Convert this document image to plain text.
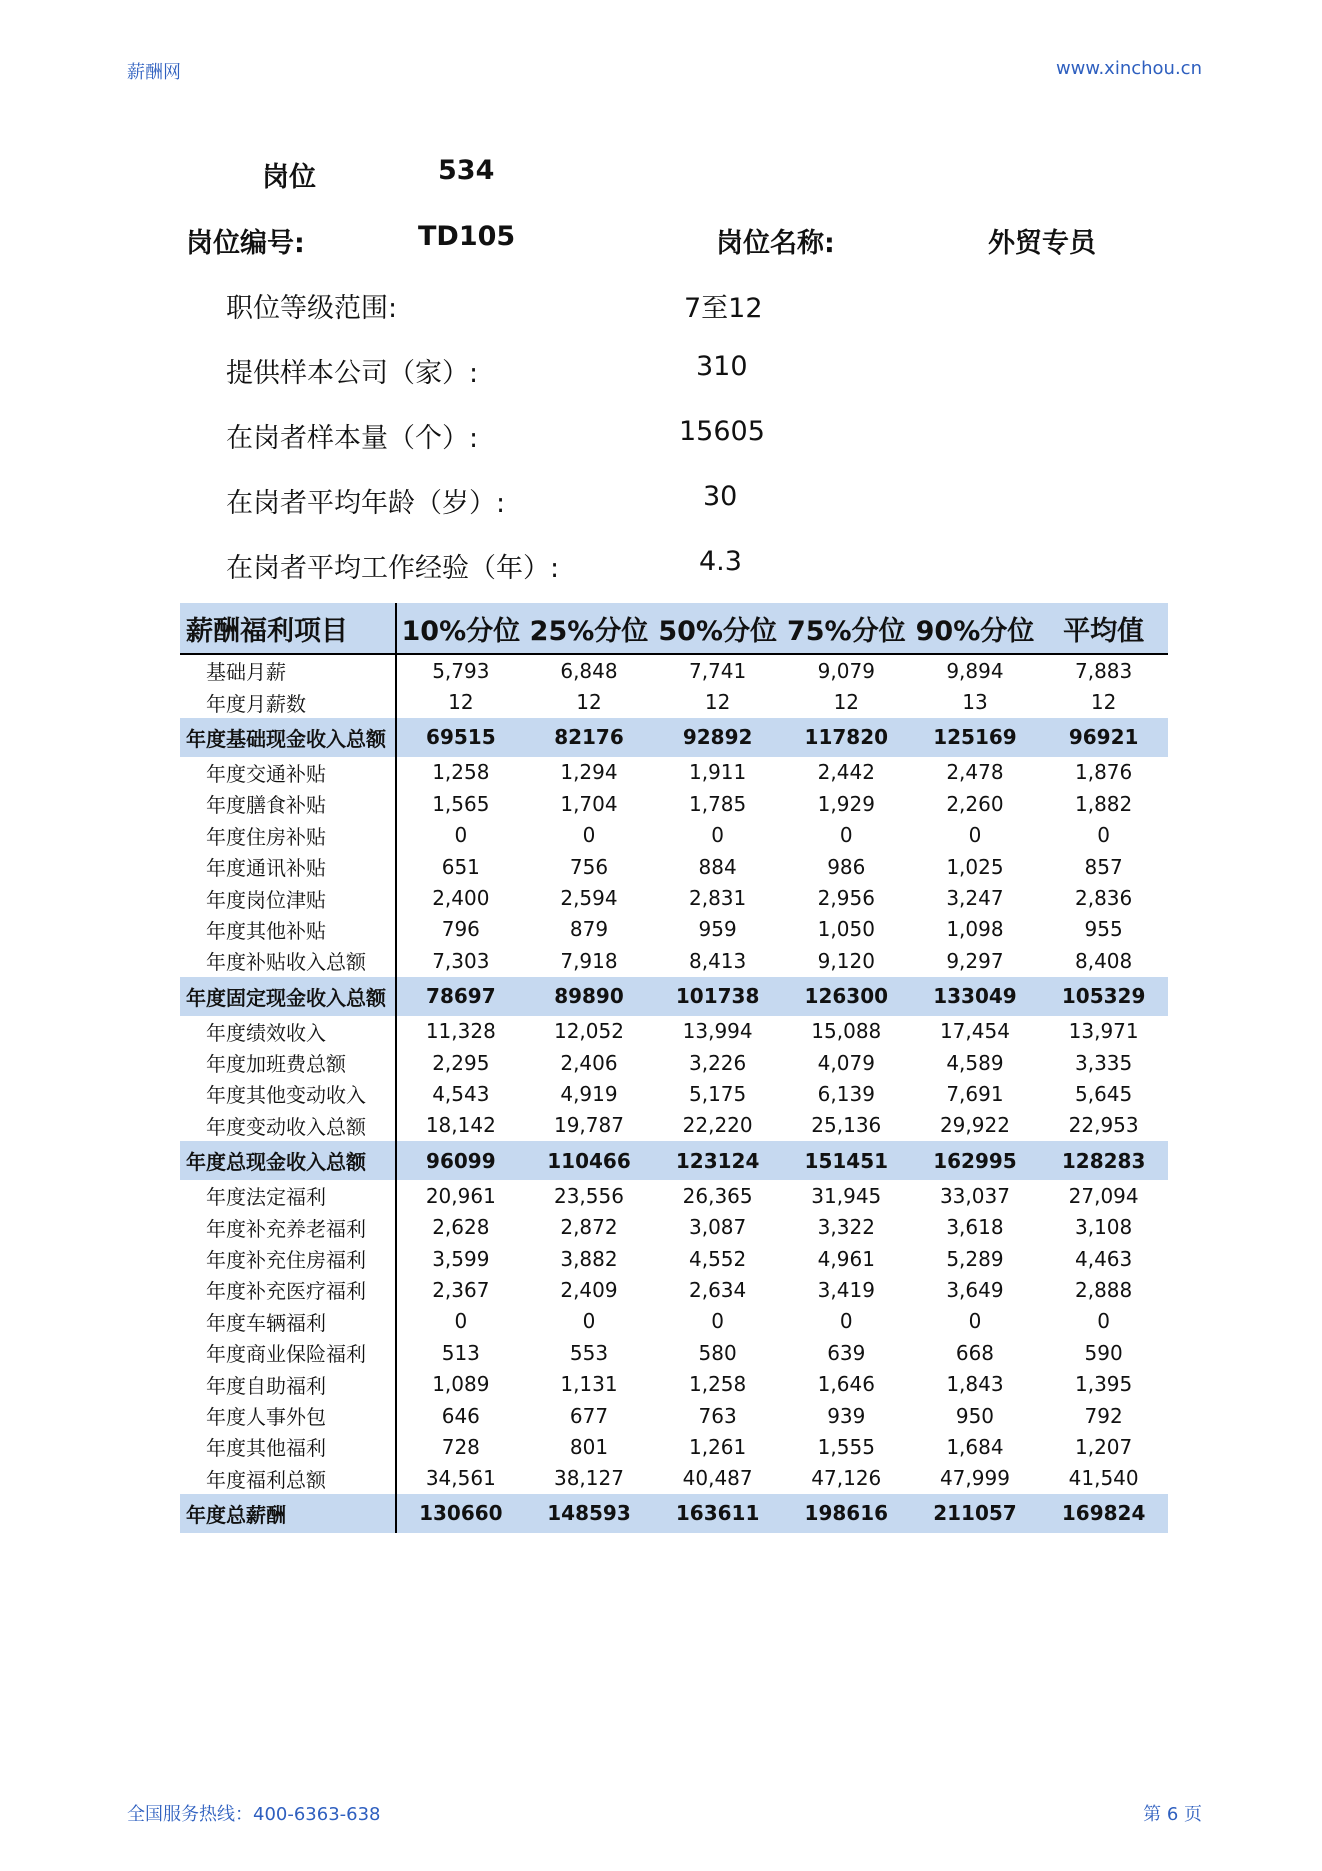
薪酬网	www.xinchou.cn
岗位	534
岗位编号:	TD105	岗位名称:	外贸专员
职位等级范围:	7至12
提供样本公司（家）:	310
在岗者样本量（个）:	15605
在岗者平均年龄（岁）:	30
在岗者平均工作经验（年）:	4.3
薪酬福利项目	10%分位	25%分位	50%分位	75%分位	90%分位	平均值
基础月薪	5,793	6,848	7,741	9,079	9,894	7,883
年度月薪数	12	12	12	12	13	12
年度基础现金收入总额	69515	82176	92892	117820	125169	96921
年度交通补贴	1,258	1,294	1,911	2,442	2,478	1,876
年度膳食补贴	1,565	1,704	1,785	1,929	2,260	1,882
年度住房补贴	0	0	0	0	0	0
年度通讯补贴	651	756	884	986	1,025	857
年度岗位津贴	2,400	2,594	2,831	2,956	3,247	2,836
年度其他补贴	796	879	959	1,050	1,098	955
年度补贴收入总额	7,303	7,918	8,413	9,120	9,297	8,408
年度固定现金收入总额	78697	89890	101738	126300	133049	105329
年度绩效收入	11,328	12,052	13,994	15,088	17,454	13,971
年度加班费总额	2,295	2,406	3,226	4,079	4,589	3,335
年度其他变动收入	4,543	4,919	5,175	6,139	7,691	5,645
年度变动收入总额	18,142	19,787	22,220	25,136	29,922	22,953
年度总现金收入总额	96099	110466	123124	151451	162995	128283
年度法定福利	20,961	23,556	26,365	31,945	33,037	27,094
年度补充养老福利	2,628	2,872	3,087	3,322	3,618	3,108
年度补充住房福利	3,599	3,882	4,552	4,961	5,289	4,463
年度补充医疗福利	2,367	2,409	2,634	3,419	3,649	2,888
年度车辆福利	0	0	0	0	0	0
年度商业保险福利	513	553	580	639	668	590
年度自助福利	1,089	1,131	1,258	1,646	1,843	1,395
年度人事外包	646	677	763	939	950	792
年度其他福利	728	801	1,261	1,555	1,684	1,207
年度福利总额	34,561	38,127	40,487	47,126	47,999	41,540
年度总薪酬	130660	148593	163611	198616	211057	169824
全国服务热线：400-6363-638	第 6 页
